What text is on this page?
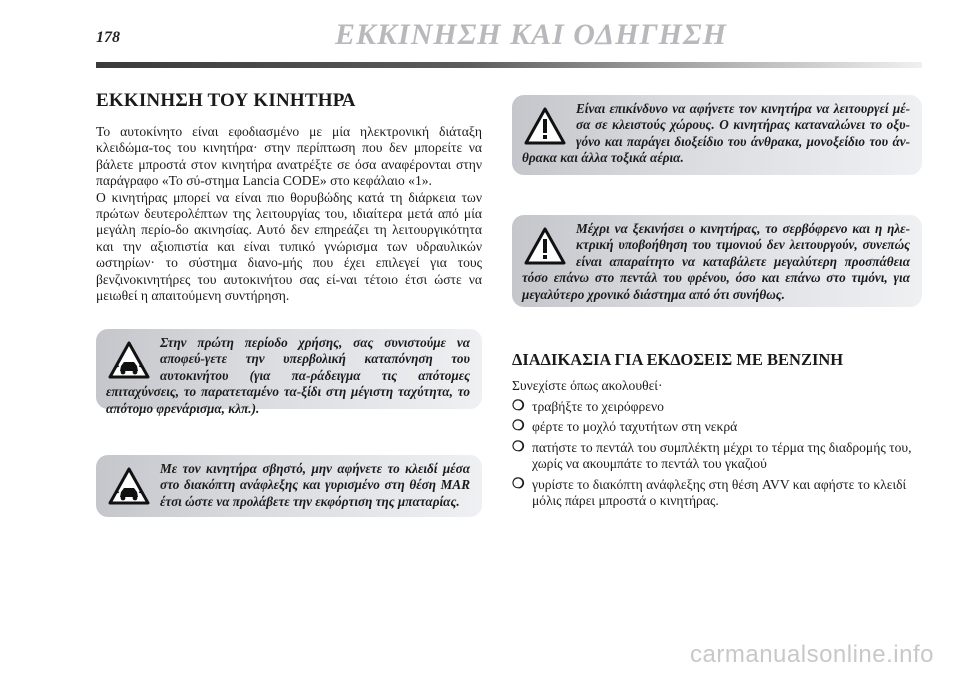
178	ΕΚΚΙΝΗΣΗ ΚΑΙ ΟΔΗΓΗΣΗ
ΕΚΚΙΝΗΣΗ ΤΟΥ ΚΙΝΗΤΗΡΑ

Το αυτοκίνητο είναι εφοδιασμένο με μία ηλεκτρονική διάταξη κλειδώμα-τος του κινητήρα· στην περίπτωση που δεν μπορείτε να βάλετε μπροστά στον κινητήρα ανατρέξτε σε όσα αναφέρονται στην παράγραφο «Το σύ-στημα Lancia CODE» στο κεφάλαιο «1».

Ο κινητήρας μπορεί να είναι πιο θορυβώδης κατά τη διάρκεια των πρώτων δευτερολέπτων της λειτουργίας του, ιδιαίτερα μετά από μία μεγάλη περίο-δο ακινησίας. Αυτό δεν επηρεάζει τη λειτουργικότητα και την αξιοπιστία και είναι τυπικό γνώρισμα των υδραυλικών ωστηρίων· το σύστημα διανο-μής που έχει επιλεγεί για τους βενζινοκινητήρες του αυτοκινήτου σας εί-ναι τέτοιο έτσι ώστε να μειωθεί η απαιτούμενη συντήρηση.

Στην πρώτη περίοδο χρήσης, σας συνιστούμε να αποφεύ-γετε την υπερβολική καταπόνηση του αυτοκινήτου (για πα-ράδειγμα τις απότομες επιταχύνσεις, το παρατεταμένο τα-ξίδι στη μέγιστη ταχύτητα, το απότομο φρενάρισμα, κλπ.).
Με τον κινητήρα σβηστό, μην αφήνετε το κλειδί μέσα στο διακόπτη ανάφλεξης και γυρισμένο στη θέση MAR έτσι ώστε να προλάβετε την εκφόρτιση της μπαταρίας.
Είναι επικίνδυνο να αφήνετε τον κινητήρα να λειτουργεί μέ-σα σε κλειστούς χώρους. Ο κινητήρας καταναλώνει το οξυ-γόνο και παράγει διοξείδιο του άνθρακα, μονοξείδιο του άν-θρακα και άλλα τοξικά αέρια.
Μέχρι να ξεκινήσει ο κινητήρας, το σερβόφρενο και η ηλε-κτρική υποβοήθηση του τιμονιού δεν λειτουργούν, συνεπώς είναι απαραίτητο να καταβάλετε μεγαλύτερη προσπάθεια τόσο επάνω στο πεντάλ του φρένου, όσο και επάνω στο τιμόνι, για μεγαλύτερο χρονικό διάστημα από ότι συνήθως.
ΔΙΑΔΙΚΑΣΙΑ ΓΙΑ ΕΚΔΟΣΕΙΣ ΜΕ ΒΕΝΖΙΝΗ
Συνεχίστε όπως ακολουθεί·
❍ τραβήξτε το χειρόφρενο
❍ φέρτε το μοχλό ταχυτήτων στη νεκρά
❍ πατήστε το πεντάλ του συμπλέκτη μέχρι το τέρμα της διαδρομής του, χωρίς να ακουμπάτε το πεντάλ του γκαζιού
❍ γυρίστε το διακόπτη ανάφλεξης στη θέση AVV και αφήστε το κλειδί μόλις πάρει μπροστά ο κινητήρας.
carmanualsonline.info
